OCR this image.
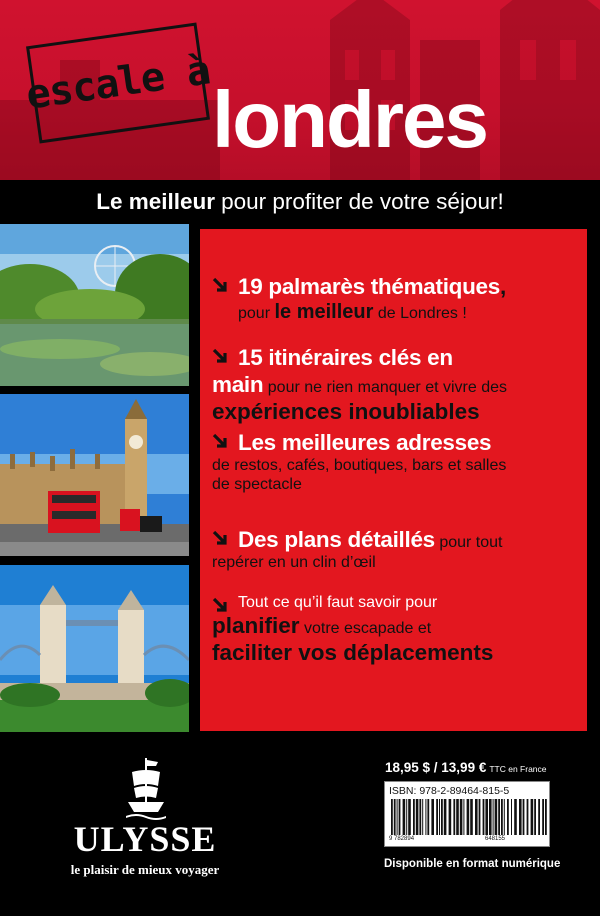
escale à londres
Le meilleur pour profiter de votre séjour!
19 palmarès thématiques,
pour le meilleur de Londres !
15 itinéraires clés en
main pour ne rien manquer et vivre des
expériences inoubliables
Les meilleures adresses
de restos, cafés, boutiques, bars et salles
de spectacle
Des plans détaillés pour tout
repérer en un clin d’œil
Tout ce qu’il faut savoir pour
planifier votre escapade et
faciliter vos déplacements
ULYSSE
le plaisir de mieux voyager
18,95 $ / 13,99 € TTC en France
ISBN: 978-2-89464-815-5
9 782894	648155
Disponible en format numérique
